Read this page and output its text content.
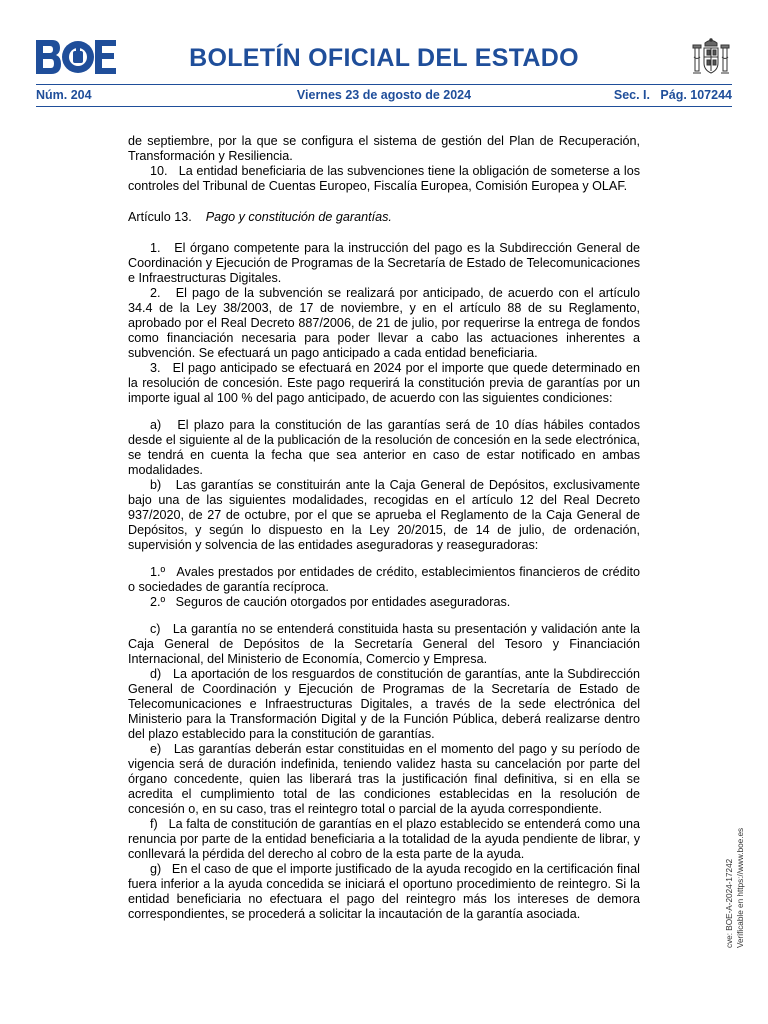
BOLETÍN OFICIAL DEL ESTADO
Núm. 204	Viernes 23 de agosto de 2024	Sec. I.   Pág. 107244

de septiembre, por la que se configura el sistema de gestión del Plan de Recuperación, Transformación y Resiliencia.

10.   La entidad beneficiaria de las subvenciones tiene la obligación de someterse a los controles del Tribunal de Cuentas Europeo, Fiscalía Europea, Comisión Europea y OLAF.

Artículo 13. Pago y constitución de garantías.

1.   El órgano competente para la instrucción del pago es la Subdirección General de Coordinación y Ejecución de Programas de la Secretaría de Estado de Telecomunicaciones e Infraestructuras Digitales.

2.   El pago de la subvención se realizará por anticipado, de acuerdo con el artículo 34.4 de la Ley 38/2003, de 17 de noviembre, y en el artículo 88 de su Reglamento, aprobado por el Real Decreto 887/2006, de 21 de julio, por requerirse la entrega de fondos como financiación necesaria para poder llevar a cabo las actuaciones inherentes a subvención. Se efectuará un pago anticipado a cada entidad beneficiaria.

3.   El pago anticipado se efectuará en 2024 por el importe que quede determinado en la resolución de concesión. Este pago requerirá la constitución previa de garantías por un importe igual al 100 % del pago anticipado, de acuerdo con las siguientes condiciones:

a)   El plazo para la constitución de las garantías será de 10 días hábiles contados desde el siguiente al de la publicación de la resolución de concesión en la sede electrónica, se tendrá en cuenta la fecha que sea anterior en caso de estar notificado en ambas modalidades.

b)   Las garantías se constituirán ante la Caja General de Depósitos, exclusivamente bajo una de las siguientes modalidades, recogidas en el artículo 12 del Real Decreto 937/2020, de 27 de octubre, por el que se aprueba el Reglamento de la Caja General de Depósitos, y según lo dispuesto en la Ley 20/2015, de 14 de julio, de ordenación, supervisión y solvencia de las entidades aseguradoras y reaseguradoras:

1.º   Avales prestados por entidades de crédito, establecimientos financieros de crédito o sociedades de garantía recíproca.

2.º   Seguros de caución otorgados por entidades aseguradoras.

c)   La garantía no se entenderá constituida hasta su presentación y validación ante la Caja General de Depósitos de la Secretaría General del Tesoro y Financiación Internacional, del Ministerio de Economía, Comercio y Empresa.

d)   La aportación de los resguardos de constitución de garantías, ante la Subdirección General de Coordinación y Ejecución de Programas de la Secretaría de Estado de Telecomunicaciones e Infraestructuras Digitales, a través de la sede electrónica del Ministerio para la Transformación Digital y de la Función Pública, deberá realizarse dentro del plazo establecido para la constitución de garantías.

e)   Las garantías deberán estar constituidas en el momento del pago y su período de vigencia será de duración indefinida, teniendo validez hasta su cancelación por parte del órgano concedente, quien las liberará tras la justificación final definitiva, si en ella se acredita el cumplimiento total de las condiciones establecidas en la resolución de concesión o, en su caso, tras el reintegro total o parcial de la ayuda correspondiente.

f)   La falta de constitución de garantías en el plazo establecido se entenderá como una renuncia por parte de la entidad beneficiaria a la totalidad de la ayuda pendiente de librar, y conllevará la pérdida del derecho al cobro de la esta parte de la ayuda.

g)   En el caso de que el importe justificado de la ayuda recogido en la certificación final fuera inferior a la ayuda concedida se iniciará el oportuno procedimiento de reintegro. Si la entidad beneficiaria no efectuara el pago del reintegro más los intereses de demora correspondientes, se procederá a solicitar la incautación de la garantía asociada.	cve: BOE-A-2024-17242 Verificable en https://www.boe.es
